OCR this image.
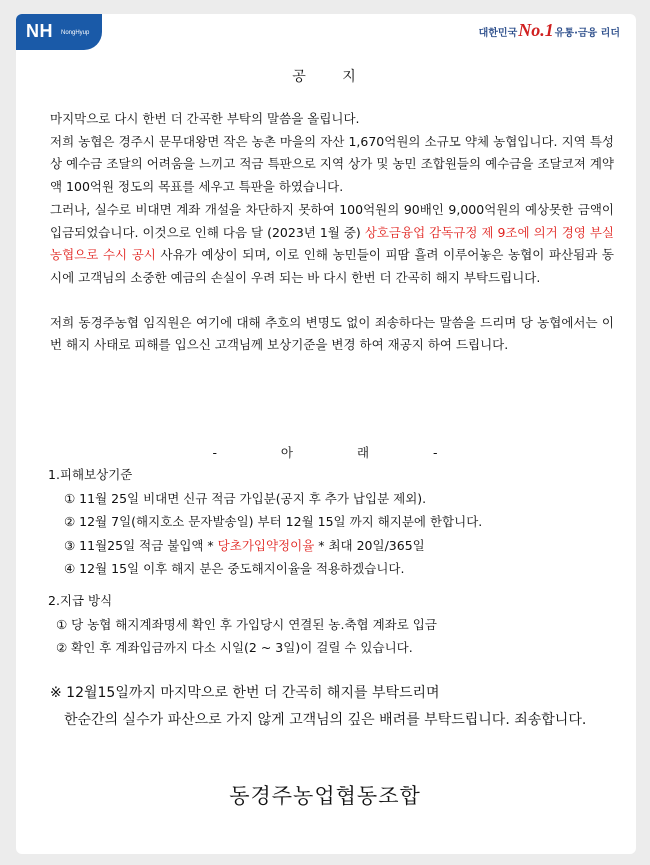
NH NongHyup	대한민국No.1유통·금융 리더
공 지

마지막으로 다시 한번 더 간곡한 부탁의 말씀을 올립니다.

저희 농협은 경주시 문무대왕면 작은 농촌 마을의 자산 1,670억원의 소규모 약체 농협입니다. 지역 특성상 예수금 조달의 어려움을 느끼고 적금 특판으로 지역 상가 및 농민 조합원들의 예수금을 조달코져 계약액 100억원 정도의 목표를 세우고 특판을 하였습니다.

그러나, 실수로 비대면 계좌 개설을 차단하지 못하여 100억원의 90배인 9,000억원의 예상못한 금액이 입금되었습니다. 이것으로 인해 다음 달 (2023년 1월 중) 상호금융업 감독규정 제 9조에 의거 경영 부실 농협으로 수시 공시 사유가 예상이 되며, 이로 인해 농민들이 피땀 흘려 이루어놓은 농협이 파산됨과 동시에 고객님의 소중한 예금의 손실이 우려 되는 바 다시 한번 더 간곡히 해지 부탁드립니다.

저희 동경주농협 임직원은 여기에 대해 추호의 변명도 없이 죄송하다는 말씀을 드리며 당 농협에서는 이번 해지 사태로 피해를 입으신 고객님께 보상기준을 변경 하여 재공지 하여 드립니다.

- 아 래 -
1.피해보상기준
① 11월 25일 비대면 신규 적금 가입분(공지 후 추가 납입분 제외).
② 12월 7일(해지호소 문자발송일) 부터 12월 15일 까지 해지분에 한합니다.
③ 11월25일 적금 불입액 * 당초가입약정이율 * 최대 20일/365일
④ 12월 15일 이후 해지 분은 중도해지이율을 적용하겠습니다.
2.지급 방식
① 당 농협 해지계좌명세 확인 후 가입당시 연결된 농.축협 계좌로 입금
② 확인 후 계좌입금까지 다소 시일(2 ~ 3일)이 걸릴 수 있습니다.
※ 12월15일까지 마지막으로 한번 더 간곡히 해지를 부탁드리며
한순간의 실수가 파산으로 가지 않게 고객님의 깊은 배려를 부탁드립니다. 죄송합니다.
동경주농업협동조합
